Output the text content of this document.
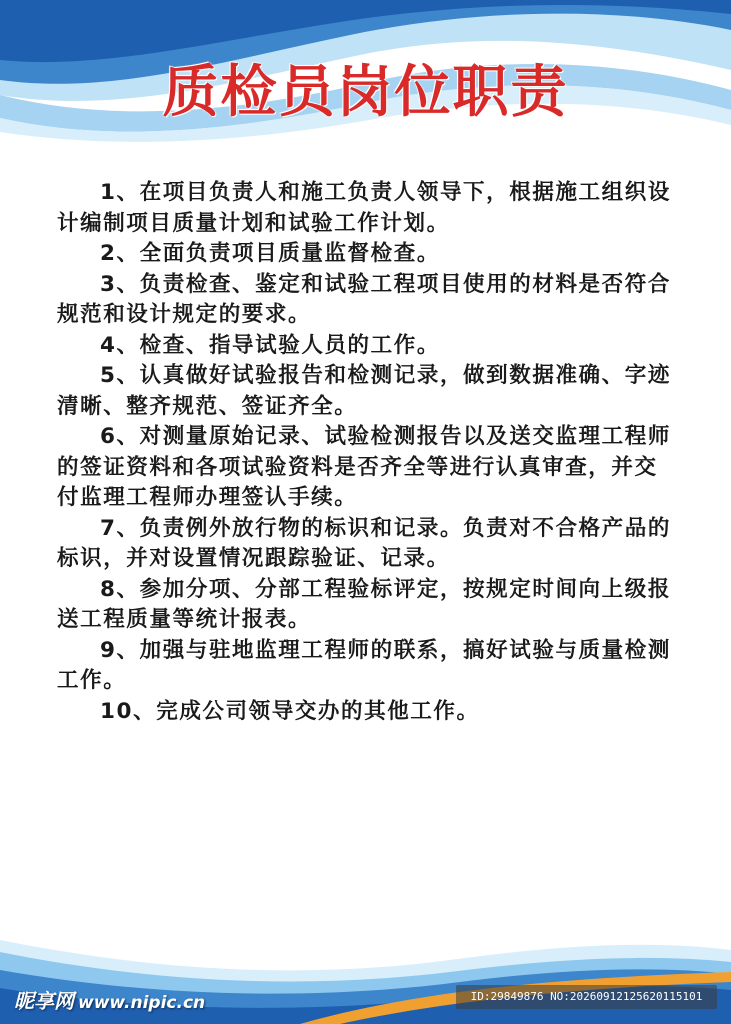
质检员岗位职责

1、在项目负责人和施工负责人领导下，根据施工组织设计编制项目质量计划和试验工作计划。

2、全面负责项目质量监督检查。

3、负责检查、鉴定和试验工程项目使用的材料是否符合规范和设计规定的要求。

4、检查、指导试验人员的工作。

5、认真做好试验报告和检测记录，做到数据准确、字迹清晰、整齐规范、签证齐全。

6、对测量原始记录、试验检测报告以及送交监理工程师的签证资料和各项试验资料是否齐全等进行认真审查，并交付监理工程师办理签认手续。

7、负责例外放行物的标识和记录。负责对不合格产品的标识，并对设置情况跟踪验证、记录。

8、参加分项、分部工程验标评定，按规定时间向上级报送工程质量等统计报表。

9、加强与驻地监理工程师的联系，搞好试验与质量检测工作。

10、完成公司领导交办的其他工作。

昵享网 www.nipic.cn	ID:29849876 NO:20260912125620115101
